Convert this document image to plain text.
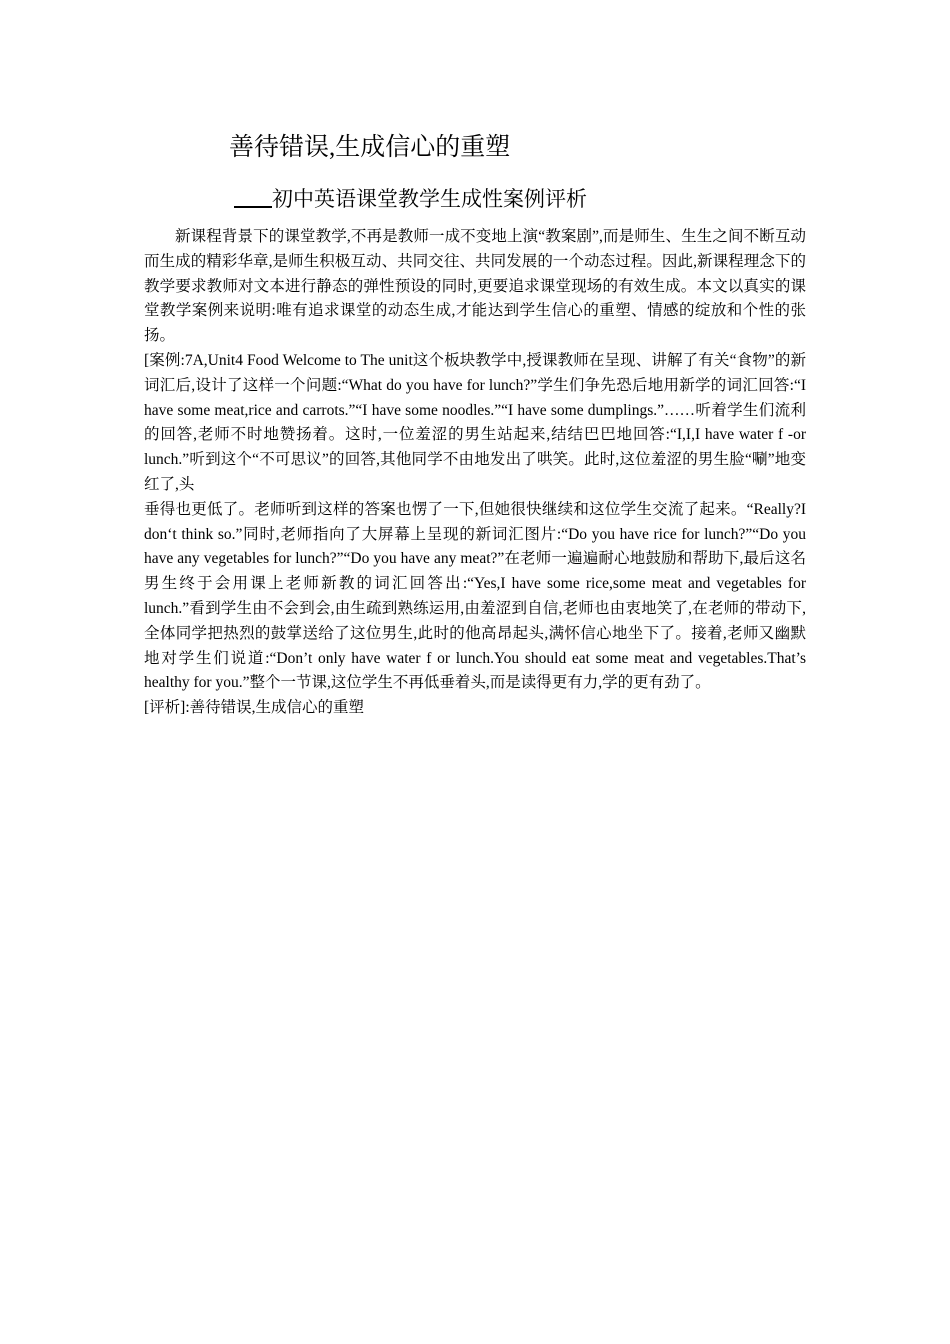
善待错误,生成信心的重塑
初中英语课堂教学生成性案例评析

新课程背景下的课堂教学,不再是教师一成不变地上演“教案剧”,而是师生、生生之间不断互动而生成的精彩华章,是师生积极互动、共同交往、共同发展的一个动态过程。因此,新课程理念下的教学要求教师对文本进行静态的弹性预设的同时,更要追求课堂现场的有效生成。本文以真实的课堂教学案例来说明:唯有追求课堂的动态生成,才能达到学生信心的重塑、情感的绽放和个性的张扬。

[案例:7A,Unit4 Food Welcome to The unit这个板块教学中,授课教师在呈现、讲解了有关“食物”的新词汇后,设计了这样一个问题:“What do you have for lunch?”学生们争先恐后地用新学的词汇回答:“I have some meat,rice and carrots.”“I have some noodles.”“I have some dumplings.”……听着学生们流利的回答,老师不时地赞扬着。这时,一位羞涩的男生站起来,结结巴巴地回答:“I,I,I have water f -or lunch.”听到这个“不可思议”的回答,其他同学不由地发出了哄笑。此时,这位羞涩的男生脸“唰”地变红了,头

垂得也更低了。老师听到这样的答案也愣了一下,但她很快继续和这位学生交流了起来。“Really?I don‘t think so.”同时,老师指向了大屏幕上呈现的新词汇图片:“Do you have rice for lunch?”“Do you have any vegetables for lunch?”“Do you have any meat?”在老师一遍遍耐心地鼓励和帮助下,最后这名男生终于会用课上老师新教的词汇回答出:“Yes,I have some rice,some meat and vegetables for lunch.”看到学生由不会到会,由生疏到熟练运用,由羞涩到自信,老师也由衷地笑了,在老师的带动下,全体同学把热烈的鼓掌送给了这位男生,此时的他高昂起头,满怀信心地坐下了。接着,老师又幽默地对学生们说道:“Don’t only have water f or lunch.You should eat some meat and vegetables.That’s healthy for you.”整个一节课,这位学生不再低垂着头,而是读得更有力,学的更有劲了。

[评析]:善待错误,生成信心的重塑
